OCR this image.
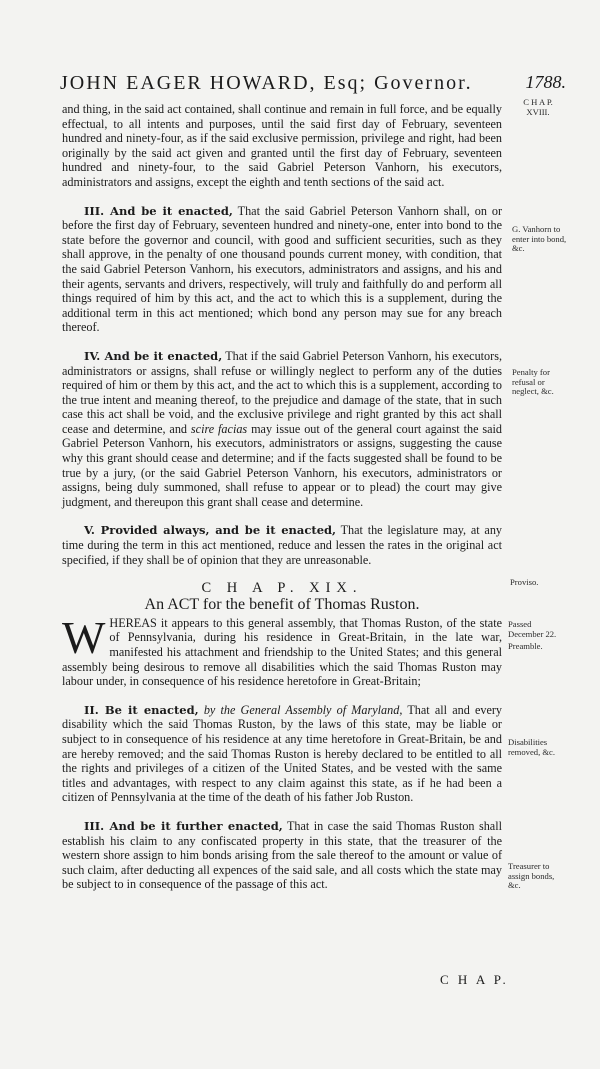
JOHN EAGER HOWARD, Esq; Governor.	1788.
C H A P.
XVIII.
G. Vanhorn to enter into bond, &c.
Penalty for refusal or neglect, &c.
Proviso.
Passed December 22.
Preamble.
Disabilities removed, &c.
Treasurer to assign bonds, &c.

and thing, in the said act contained, shall continue and remain in full force, and be equally effectual, to all intents and purposes, until the said first day of February, seventeen hundred and ninety-four, as if the said exclusive permission, privilege and right, had been originally by the said act given and granted until the first day of February, seventeen hundred and ninety-four, to the said Gabriel Peterson Vanhorn, his executors, administrators and assigns, except the eighth and tenth sections of the said act.

III. And be it enacted, That the said Gabriel Peterson Vanhorn shall, on or before the first day of February, seventeen hundred and ninety-one, enter into bond to the state before the governor and council, with good and sufficient securities, such as they shall approve, in the penalty of one thousand pounds current money, with condition, that the said Gabriel Peterson Vanhorn, his executors, administrators and assigns, and his and their agents, servants and drivers, respectively, will truly and faithfully do and perform all things required of him by this act, and the act to which this is a supplement, during the additional term in this act mentioned; which bond any person may sue for any breach thereof.

IV. And be it enacted, That if the said Gabriel Peterson Vanhorn, his executors, administrators or assigns, shall refuse or willingly neglect to perform any of the duties required of him or them by this act, and the act to which this is a supplement, according to the true intent and meaning thereof, to the prejudice and damage of the state, that in such case this act shall be void, and the exclusive privilege and right granted by this act shall cease and determine, and scire facias may issue out of the general court against the said Gabriel Peterson Vanhorn, his executors, administrators or assigns, suggesting the cause why this grant should cease and determine; and if the facts suggested shall be found to be true by a jury, (or the said Gabriel Peterson Vanhorn, his executors, administrators or assigns, being duly summoned, shall refuse to appear or to plead) the court may give judgment, and thereupon this grant shall cease and determine.

V. Provided always, and be it enacted, That the legislature may, at any time during the term in this act mentioned, reduce and lessen the rates in the original act specified, if they shall be of opinion that they are unreasonable.

C H A P. XIX.

An ACT for the benefit of Thomas Ruston.

WHEREAS it appears to this general assembly, that Thomas Ruston, of the state of Pennsylvania, during his residence in Great-Britain, in the late war, manifested his attachment and friendship to the United States; and this general assembly being desirous to remove all disabilities which the said Thomas Ruston may labour under, in consequence of his residence heretofore in Great-Britain;

II. Be it enacted, by the General Assembly of Maryland, That all and every disability which the said Thomas Ruston, by the laws of this state, may be liable or subject to in consequence of his residence at any time heretofore in Great-Britain, be and are hereby removed; and the said Thomas Ruston is hereby declared to be entitled to all the rights and privileges of a citizen of the United States, and be vested with the same titles and advantages, with respect to any claim against this state, as if he had been a citizen of Pennsylvania at the time of the death of his father Job Ruston.

III. And be it further enacted, That in case the said Thomas Ruston shall establish his claim to any confiscated property in this state, that the treasurer of the western shore assign to him bonds arising from the sale thereof to the amount or value of such claim, after deducting all expences of the said sale, and all costs which the state may be subject to in consequence of the passage of this act.

C H A P.
